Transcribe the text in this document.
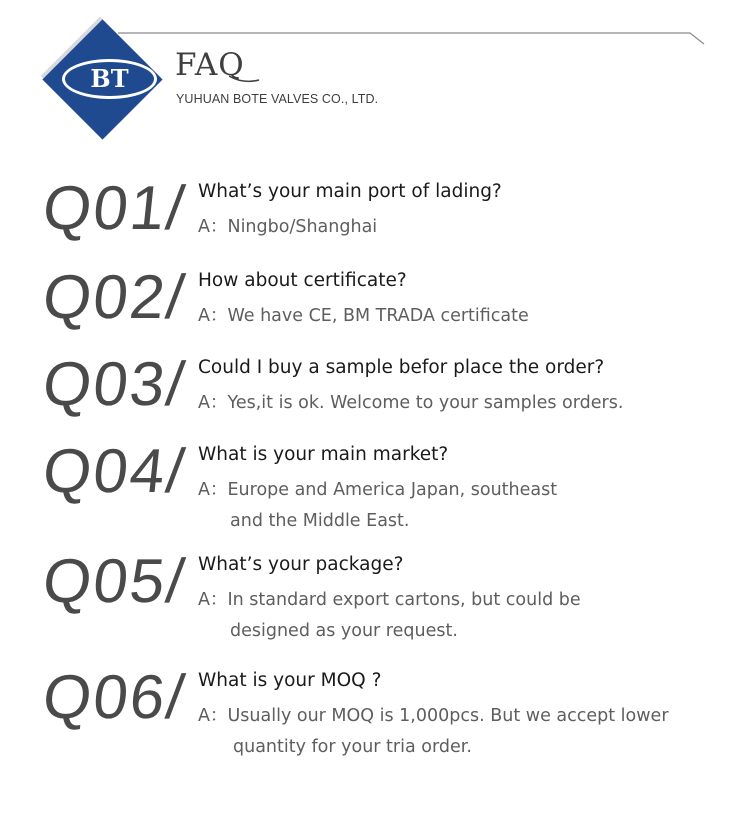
BT FAQ
YUHUAN BOTE VALVES CO., LTD.
Q01/ What’s your main port of lading?
A：Ningbo/Shanghai
Q02/ How about certificate?
A：We have CE, BM TRADA certificate
Q03/ Could I buy a sample befor place the order?
A：Yes,it is ok. Welcome to your samples orders.
Q04/ What is your main market?
A：Europe and America Japan, southeast
and the Middle East.
Q05/ What’s your package?
A：In standard export cartons, but could be
designed as your request.
Q06/ What is your MOQ ?
A：Usually our MOQ is 1,000pcs. But we accept lower
quantity for your tria order.
